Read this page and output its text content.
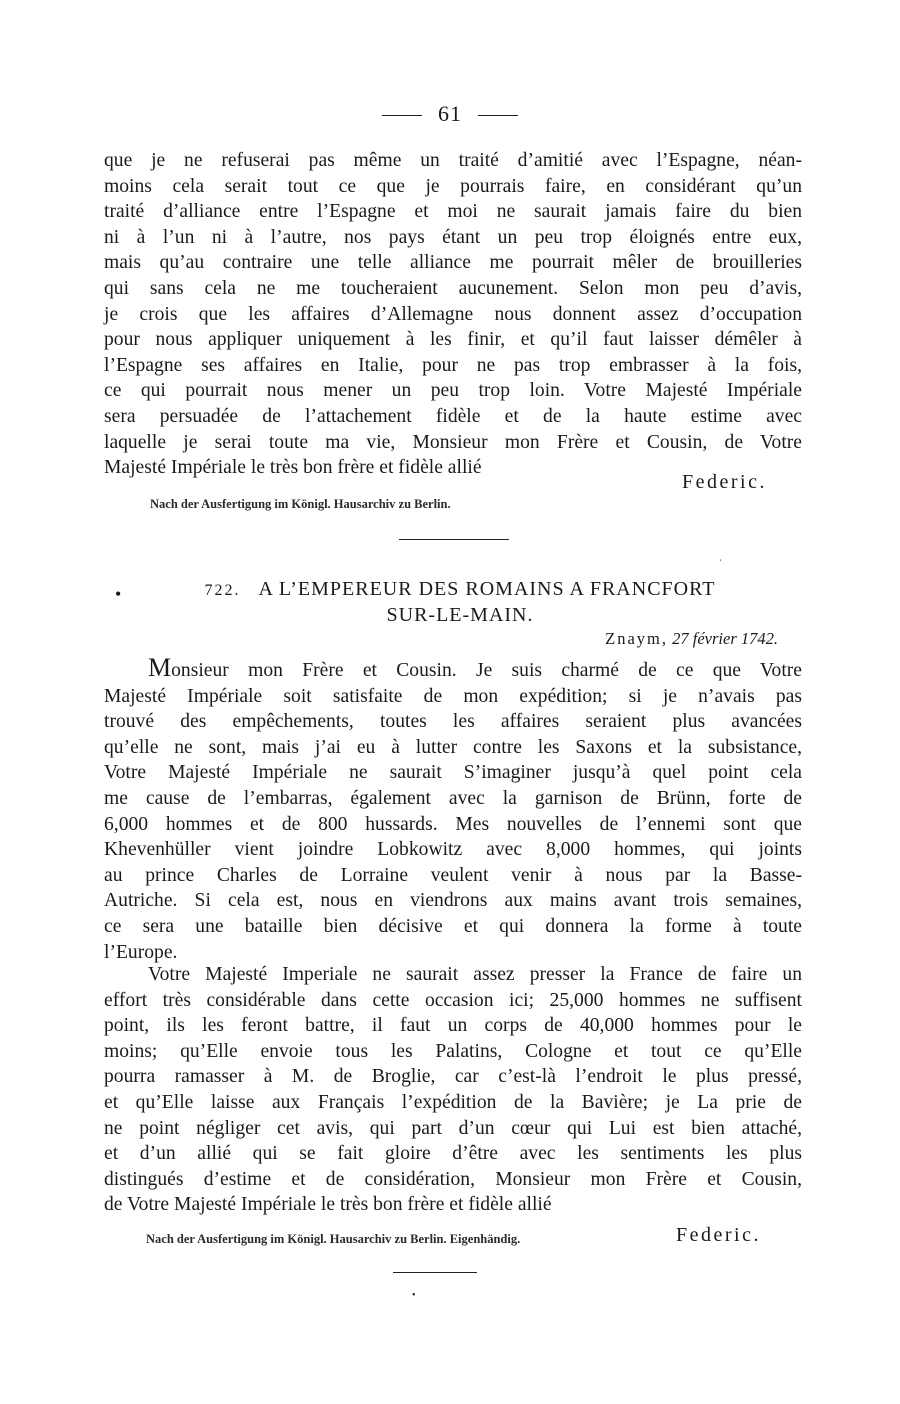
61
que je ne refuserai pas même un traité d’amitié avec l’Espagne, néan-
moins cela serait tout ce que je pourrais faire, en considérant qu’un
traité d’alliance entre l’Espagne et moi ne saurait jamais faire du bien
ni à l’un ni à l’autre, nos pays étant un peu trop éloignés entre eux,
mais qu’au contraire une telle alliance me pourrait mêler de brouilleries
qui sans cela ne me toucheraient aucunement. Selon mon peu d’avis,
je crois que les affaires d’Allemagne nous donnent assez d’occupation
pour nous appliquer uniquement à les finir, et qu’il faut laisser démêler à
l’Espagne ses affaires en Italie, pour ne pas trop embrasser à la fois,
ce qui pourrait nous mener un peu trop loin. Votre Majesté Impériale
sera persuadée de l’attachement fidèle et de la haute estime avec
laquelle je serai toute ma vie, Monsieur mon Frère et Cousin, de Votre
Majesté Impériale le très bon frère et fidèle allié
Federic.
Nach der Ausfertigung im Königl. Hausarchiv zu Berlin.
•
'
722. A L’EMPEREUR DES ROMAINS A FRANCFORT
SUR-LE-MAIN.
Znaym, 27 février 1742.
Monsieur mon Frère et Cousin. Je suis charmé de ce que Votre
Majesté Impériale soit satisfaite de mon expédition; si je n’avais pas
trouvé des empêchements, toutes les affaires seraient plus avancées
qu’elle ne sont, mais j’ai eu à lutter contre les Saxons et la subsistance,
Votre Majesté Impériale ne saurait S’imaginer jusqu’à quel point cela
me cause de l’embarras, également avec la garnison de Brünn, forte de
6,000 hommes et de 800 hussards. Mes nouvelles de l’ennemi sont que
Khevenhüller vient joindre Lobkowitz avec 8,000 hommes, qui joints
au prince Charles de Lorraine veulent venir à nous par la Basse-
Autriche. Si cela est, nous en viendrons aux mains avant trois semaines,
ce sera une bataille bien décisive et qui donnera la forme à toute
l’Europe.
Votre Majesté Imperiale ne saurait assez presser la France de faire un
effort très considérable dans cette occasion ici; 25,000 hommes ne suffisent
point, ils les feront battre, il faut un corps de 40,000 hommes pour le
moins; qu’Elle envoie tous les Palatins, Cologne et tout ce qu’Elle
pourra ramasser à M. de Broglie, car c’est-là l’endroit le plus pressé,
et qu’Elle laisse aux Français l’expédition de la Bavière; je La prie de
ne point négliger cet avis, qui part d’un cœur qui Lui est bien attaché,
et d’un allié qui se fait gloire d’être avec les sentiments les plus
distingués d’estime et de considération, Monsieur mon Frère et Cousin,
de Votre Majesté Impériale le très bon frère et fidèle allié
Federic.
Nach der Ausfertigung im Königl. Hausarchiv zu Berlin. Eigenhändig.
•
